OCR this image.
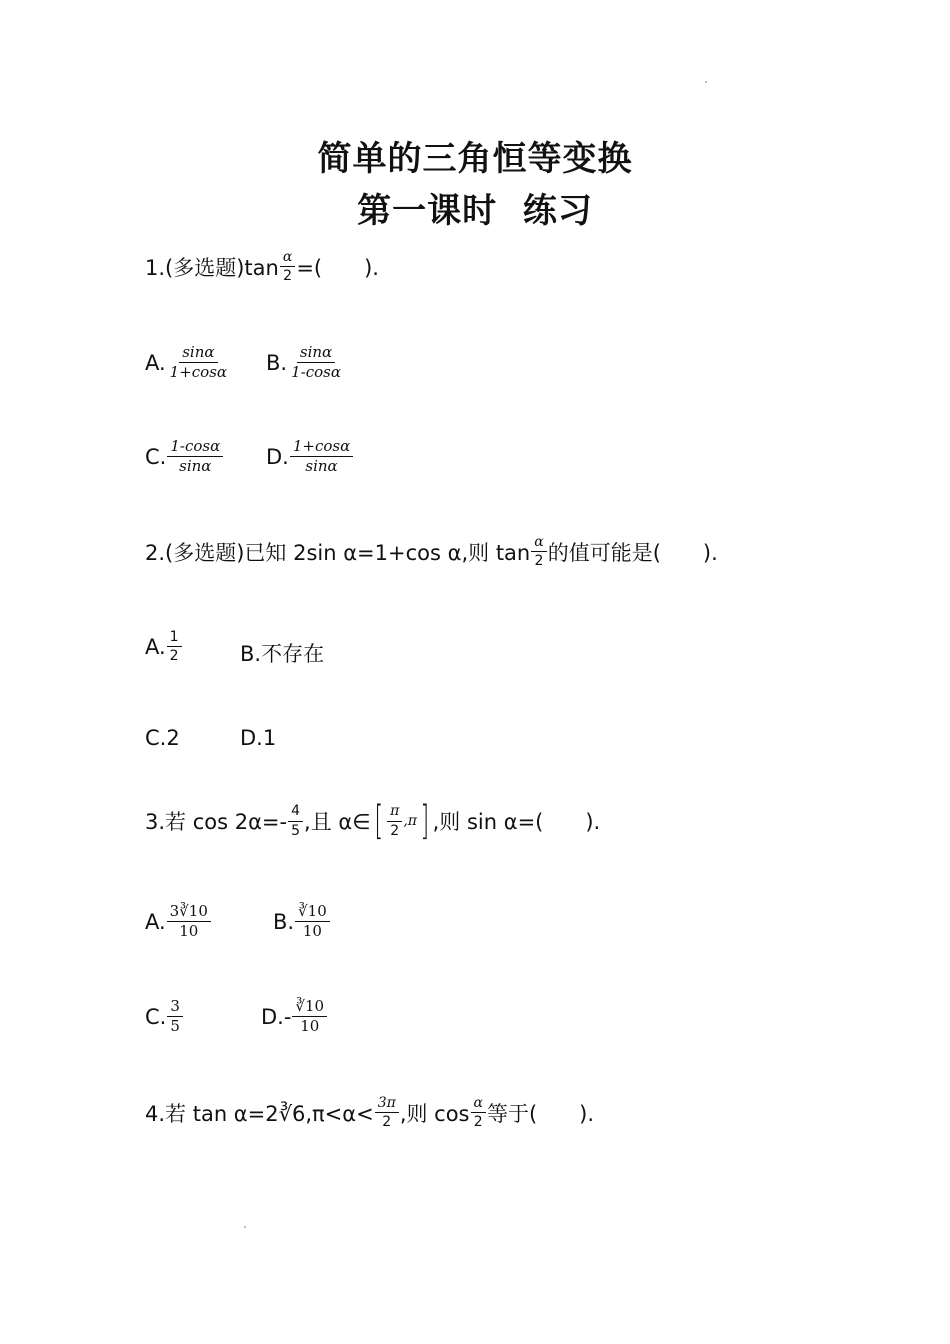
简单的三角恒等变换
第一课时  练习
1.(多选题)$\tan \frac{\alpha}{2}$ =(　　).
A. $\frac{\sin\alpha}{1+\cos\alpha} B$. $\frac{\sin\alpha}{1-\cos\alpha}$
C. $\frac{1-\cos\alpha}{\sin\alpha} D$. $\frac{1+\cos\alpha}{\sin\alpha}$
2.(多选题)已知 2sin α=1+cos α,则 $\tan \frac{\alpha}{2}$ 的值可能是(　　).
A. $\frac{1}{2}$	B.不存在
C.2	D.1
3.若 $\cos 2\alpha=- \frac{4}{5}$ ,且 α∈ [ $\frac{\pi}{2} ,\pi$ ] ,则 sin α=(　　).
A. $\frac{3∛10}{10}$	B. $\frac{∛10}{10}$
C. $\frac{3}{5}$	$D.- \frac{∛10}{10}$
4.若 tan α=2∛6,π<α< $\frac{3\pi}{2}$ ,则 $\cos \frac{\alpha}{2}$ 等于(　　).
